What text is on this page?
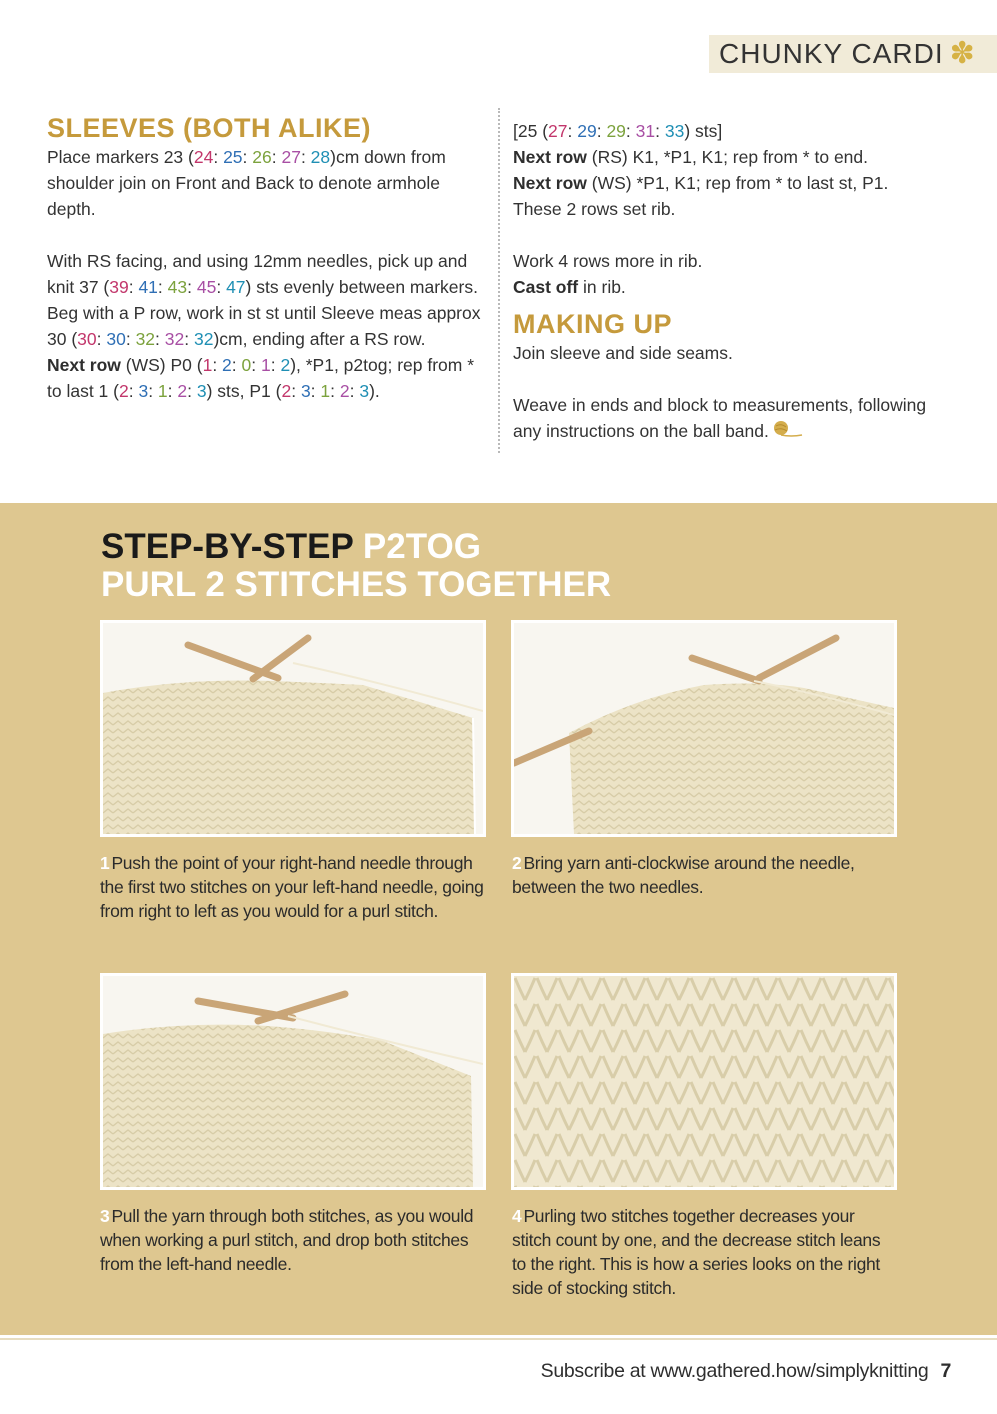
CHUNKY CARDI ✽
SLEEVES (BOTH ALIKE)

Place markers 23 (24: 25: 26: 27: 28)cm down from shoulder join on Front and Back to denote armhole depth.

With RS facing, and using 12mm needles, pick up and knit 37 (39: 41: 43: 45: 47) sts evenly between markers.

Beg with a P row, work in st st until Sleeve meas approx 30 (30: 30: 32: 32: 32)cm, ending after a RS row.

Next row (WS) P0 (1: 2: 0: 1: 2), *P1, p2tog; rep from * to last 1 (2: 3: 1: 2: 3) sts, P1 (2: 3: 1: 2: 3).

[25 (27: 29: 29: 31: 33) sts]

Next row (RS) K1, *P1, K1; rep from * to end.

Next row (WS) *P1, K1; rep from * to last st, P1.

These 2 rows set rib.

Work 4 rows more in rib.

Cast off in rib.

MAKING UP

Join sleeve and side seams.

Weave in ends and block to measurements, following any instructions on the ball band.

STEP-BY-STEP P2TOG
PURL 2 STITCHES TOGETHER
1 Push the point of your right-hand needle through the first two stitches on your left-hand needle, going from right to left as you would for a purl stitch.
2 Bring yarn anti-clockwise around the needle, between the two needles.
3 Pull the yarn through both stitches, as you would when working a purl stitch, and drop both stitches from the left-hand needle.
4 Purling two stitches together decreases your stitch count by one, and the decrease stitch leans to the right. This is how a series looks on the right side of stocking stitch.
Subscribe at www.gathered.how/simplyknitting 7
